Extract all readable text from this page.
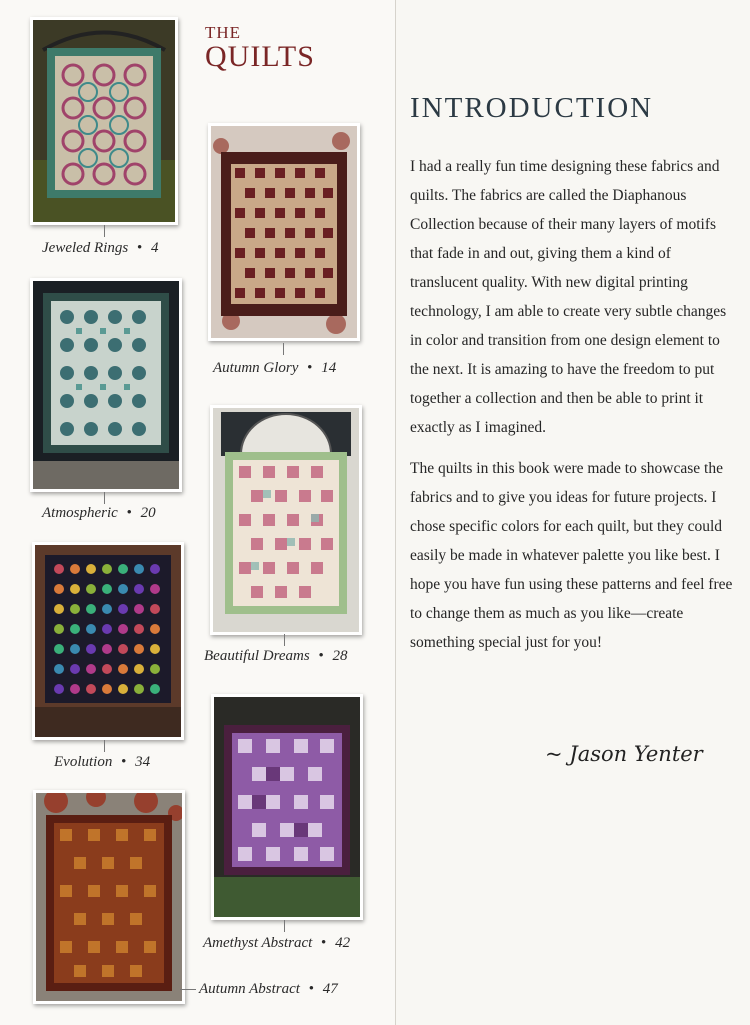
THE
QUILTS
Jeweled Rings • 4
Autumn Glory • 14
Atmospheric • 20
Beautiful Dreams • 28
Evolution • 34
Amethyst Abstract • 42
Autumn Abstract • 47
INTRODUCTION

I had a really fun time designing these fabrics and quilts. The fabrics are called the Diaphanous Collection because of their many layers of motifs that fade in and out, giving them a kind of translucent quality. With new digital printing technology, I am able to create very subtle changes in color and transition from one design element to the next. It is amazing to have the freedom to put together a collection and then be able to print it exactly as I imagined.

The quilts in this book were made to showcase the fabrics and to give you ideas for future projects. I chose specific colors for each quilt, but they could easily be made in whatever palette you like best. I hope you have fun using these patterns and feel free to change them as much as you like—create something special just for you!

~ Jason Yenter
